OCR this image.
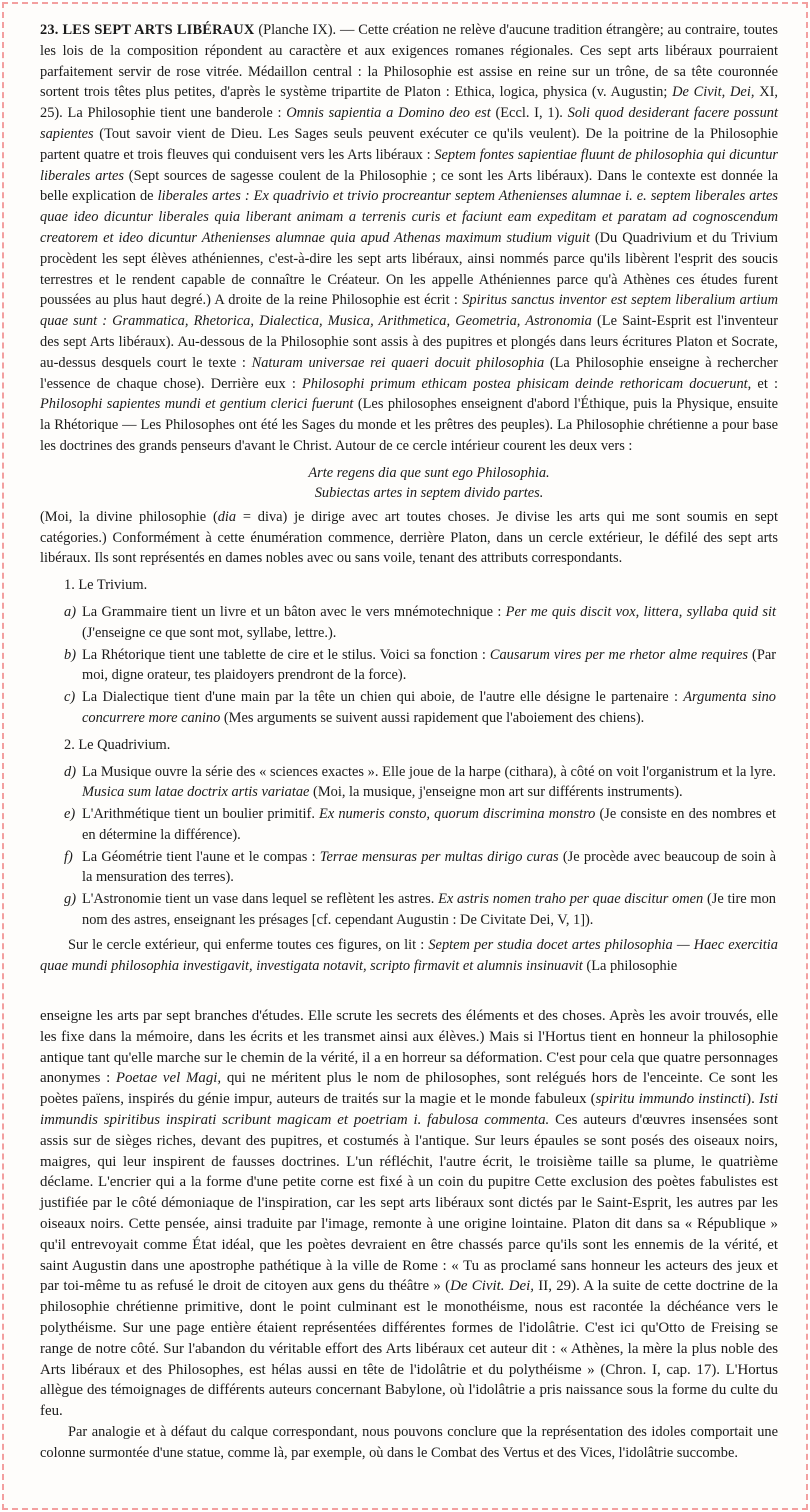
23. LES SEPT ARTS LIBÉRAUX (Planche IX). — Cette création ne relève d'aucune tradition étrangère; au contraire, toutes les lois de la composition répondent au caractère et aux exigences romanes régionales. Ces sept arts libéraux pourraient parfaitement servir de rose vitrée. Médaillon central : la Philosophie est assise en reine sur un trône, de sa tête couronnée sortent trois têtes plus petites, d'après le système tripartite de Platon : Ethica, logica, physica (v. Augustin; De Civit, Dei, XI, 25). La Philosophie tient une banderole : Omnis sapientia a Domino deo est (Eccl. I, 1). Soli quod desiderant facere possunt sapientes (Tout savoir vient de Dieu. Les Sages seuls peuvent exécuter ce qu'ils veulent). De la poitrine de la Philosophie partent quatre et trois fleuves qui conduisent vers les Arts libéraux : Septem fontes sapientiae fluunt de philosophia qui dicuntur liberales artes (Sept sources de sagesse coulent de la Philosophie ; ce sont les Arts libéraux). Dans le contexte est donnée la belle explication de liberales artes : Ex quadrivio et trivio procreantur septem Athenienses alumnae i. e. septem liberales artes quae ideo dicuntur liberales quia liberant animam a terrenis curis et faciunt eam expeditam et paratam ad cognoscendum creatorem et ideo dicuntur Athenienses alumnae quia apud Athenas maximum studium viguit (Du Quadrivium et du Trivium procèdent les sept élèves athéniennes, c'est-à-dire les sept arts libéraux, ainsi nommés parce qu'ils libèrent l'esprit des soucis terrestres et le rendent capable de connaître le Créateur. On les appelle Athéniennes parce qu'à Athènes ces études furent poussées au plus haut degré.) A droite de la reine Philosophie est écrit : Spiritus sanctus inventor est septem liberalium artium quae sunt : Grammatica, Rhetorica, Dialectica, Musica, Arithmetica, Geometria, Astronomia (Le Saint-Esprit est l'inventeur des sept Arts libéraux). Au-dessous de la Philosophie sont assis à des pupitres et plongés dans leurs écritures Platon et Socrate, au-dessus desquels court le texte : Naturam universae rei quaeri docuit philosophia (La Philosophie enseigne à rechercher l'essence de chaque chose). Derrière eux : Philosophi primum ethicam postea phisicam deinde rethoricam docuerunt, et : Philosophi sapientes mundi et gentium clerici fuerunt (Les philosophes enseignent d'abord l'Éthique, puis la Physique, ensuite la Rhétorique — Les Philosophes ont été les Sages du monde et les prêtres des peuples). La Philosophie chrétienne a pour base les doctrines des grands penseurs d'avant le Christ. Autour de ce cercle intérieur courent les deux vers :

Arte regens dia que sunt ego Philosophia.
Subiectas artes in septem divido partes.

(Moi, la divine philosophie (dia = diva) je dirige avec art toutes choses. Je divise les arts qui me sont soumis en sept catégories.) Conformément à cette énumération commence, derrière Platon, dans un cercle extérieur, le défilé des sept arts libéraux. Ils sont représentés en dames nobles avec ou sans voile, tenant des attributs correspondants.

1. Le Trivium.
a) La Grammaire tient un livre et un bâton avec le vers mnémotechnique : Per me quis discit vox, littera, syllaba quid sit (J'enseigne ce que sont mot, syllabe, lettre.).
b) La Rhétorique tient une tablette de cire et le stilus. Voici sa fonction : Causarum vires per me rhetor alme requires (Par moi, digne orateur, tes plaidoyers prendront de la force).
c) La Dialectique tient d'une main par la tête un chien qui aboie, de l'autre elle désigne le partenaire : Argumenta sino concurrere more canino (Mes arguments se suivent aussi rapidement que l'aboiement des chiens).
2. Le Quadrivium.
d) La Musique ouvre la série des « sciences exactes ». Elle joue de la harpe (cithara), à côté on voit l'organistrum et la lyre. Musica sum latae doctrix artis variatae (Moi, la musique, j'enseigne mon art sur différents instruments).
e) L'Arithmétique tient un boulier primitif. Ex numeris consto, quorum discrimina monstro (Je consiste en des nombres et en détermine la différence).
f) La Géométrie tient l'aune et le compas : Terrae mensuras per multas dirigo curas (Je procède avec beaucoup de soin à la mensuration des terres).
g) L'Astronomie tient un vase dans lequel se reflètent les astres. Ex astris nomen traho per quae discitur omen (Je tire mon nom des astres, enseignant les présages [cf. cependant Augustin : De Civitate Dei, V, 1]).

Sur le cercle extérieur, qui enferme toutes ces figures, on lit : Septem per studia docet artes philosophia — Haec exercitia quae mundi philosophia investigavit, investigata notavit, scripto firmavit et alumnis insinuavit (La philosophie

enseigne les arts par sept branches d'études. Elle scrute les secrets des éléments et des choses. Après les avoir trouvés, elle les fixe dans la mémoire, dans les écrits et les transmet ainsi aux élèves.) Mais si l'Hortus tient en honneur la philosophie antique tant qu'elle marche sur le chemin de la vérité, il a en horreur sa déformation. C'est pour cela que quatre personnages anonymes : Poetae vel Magi, qui ne méritent plus le nom de philosophes, sont relégués hors de l'enceinte. Ce sont les poètes païens, inspirés du génie impur, auteurs de traités sur la magie et le monde fabuleux (spiritu immundo instincti). Isti immundis spiritibus inspirati scribunt magicam et poetriam i. fabulosa commenta. Ces auteurs d'œuvres insensées sont assis sur de sièges riches, devant des pupitres, et costumés à l'antique. Sur leurs épaules se sont posés des oiseaux noirs, maigres, qui leur inspirent de fausses doctrines. L'un réfléchit, l'autre écrit, le troisième taille sa plume, le quatrième déclame. L'encrier qui a la forme d'une petite corne est fixé à un coin du pupitre Cette exclusion des poètes fabulistes est justifiée par le côté démoniaque de l'inspiration, car les sept arts libéraux sont dictés par le Saint-Esprit, les autres par les oiseaux noirs. Cette pensée, ainsi traduite par l'image, remonte à une origine lointaine. Platon dit dans sa « République » qu'il entrevoyait comme État idéal, que les poètes devraient en être chassés parce qu'ils sont les ennemis de la vérité, et saint Augustin dans une apostrophe pathétique à la ville de Rome : « Tu as proclamé sans honneur les acteurs des jeux et par toi-même tu as refusé le droit de citoyen aux gens du théâtre » (De Civit. Dei, II, 29). A la suite de cette doctrine de la philosophie chrétienne primitive, dont le point culminant est le monothéisme, nous est racontée la déchéance vers le polythéisme. Sur une page entière étaient représentées différentes formes de l'idolâtrie. C'est ici qu'Otto de Freising se range de notre côté. Sur l'abandon du véritable effort des Arts libéraux cet auteur dit : « Athènes, la mère la plus noble des Arts libéraux et des Philosophes, est hélas aussi en tête de l'idolâtrie et du polythéisme » (Chron. I, cap. 17). L'Hortus allègue des témoignages de différents auteurs concernant Babylone, où l'idolâtrie a pris naissance sous la forme du culte du feu.

Par analogie et à défaut du calque correspondant, nous pouvons conclure que la représentation des idoles comportait une colonne surmontée d'une statue, comme là, par exemple, où dans le Combat des Vertus et des Vices, l'idolâtrie succombe.
